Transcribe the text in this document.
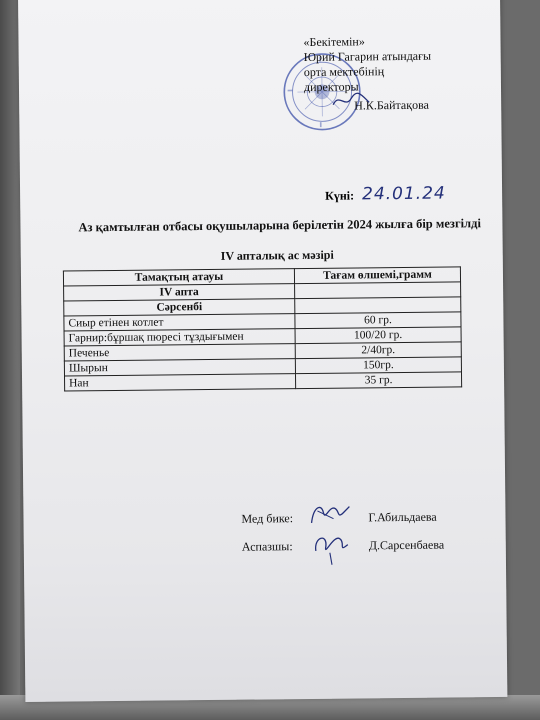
«Бекітемін»
Юрий Гагарин атындағы
орта мектебінің
директоры
Н.К.Байтақова
Күні: 24.01.24
Аз қамтылған отбасы оқушыларына берілетін 2024 жылға бір мезгілді
IV апталық ас мәзірі
Тамақтың атауы	Тағам өлшемі,грамм
IV апта	
Сәрсенбі	
Сиыр етінен котлет	60 гр.
Гарнир:бұршақ пюресі тұздығымен	100/20 гр.
Печенье	2/40гр.
Шырын	150гр.
Нан	35 гр.
Мед бике:	Г.Абильдаева
Аспазшы:	Д.Сарсенбаева
